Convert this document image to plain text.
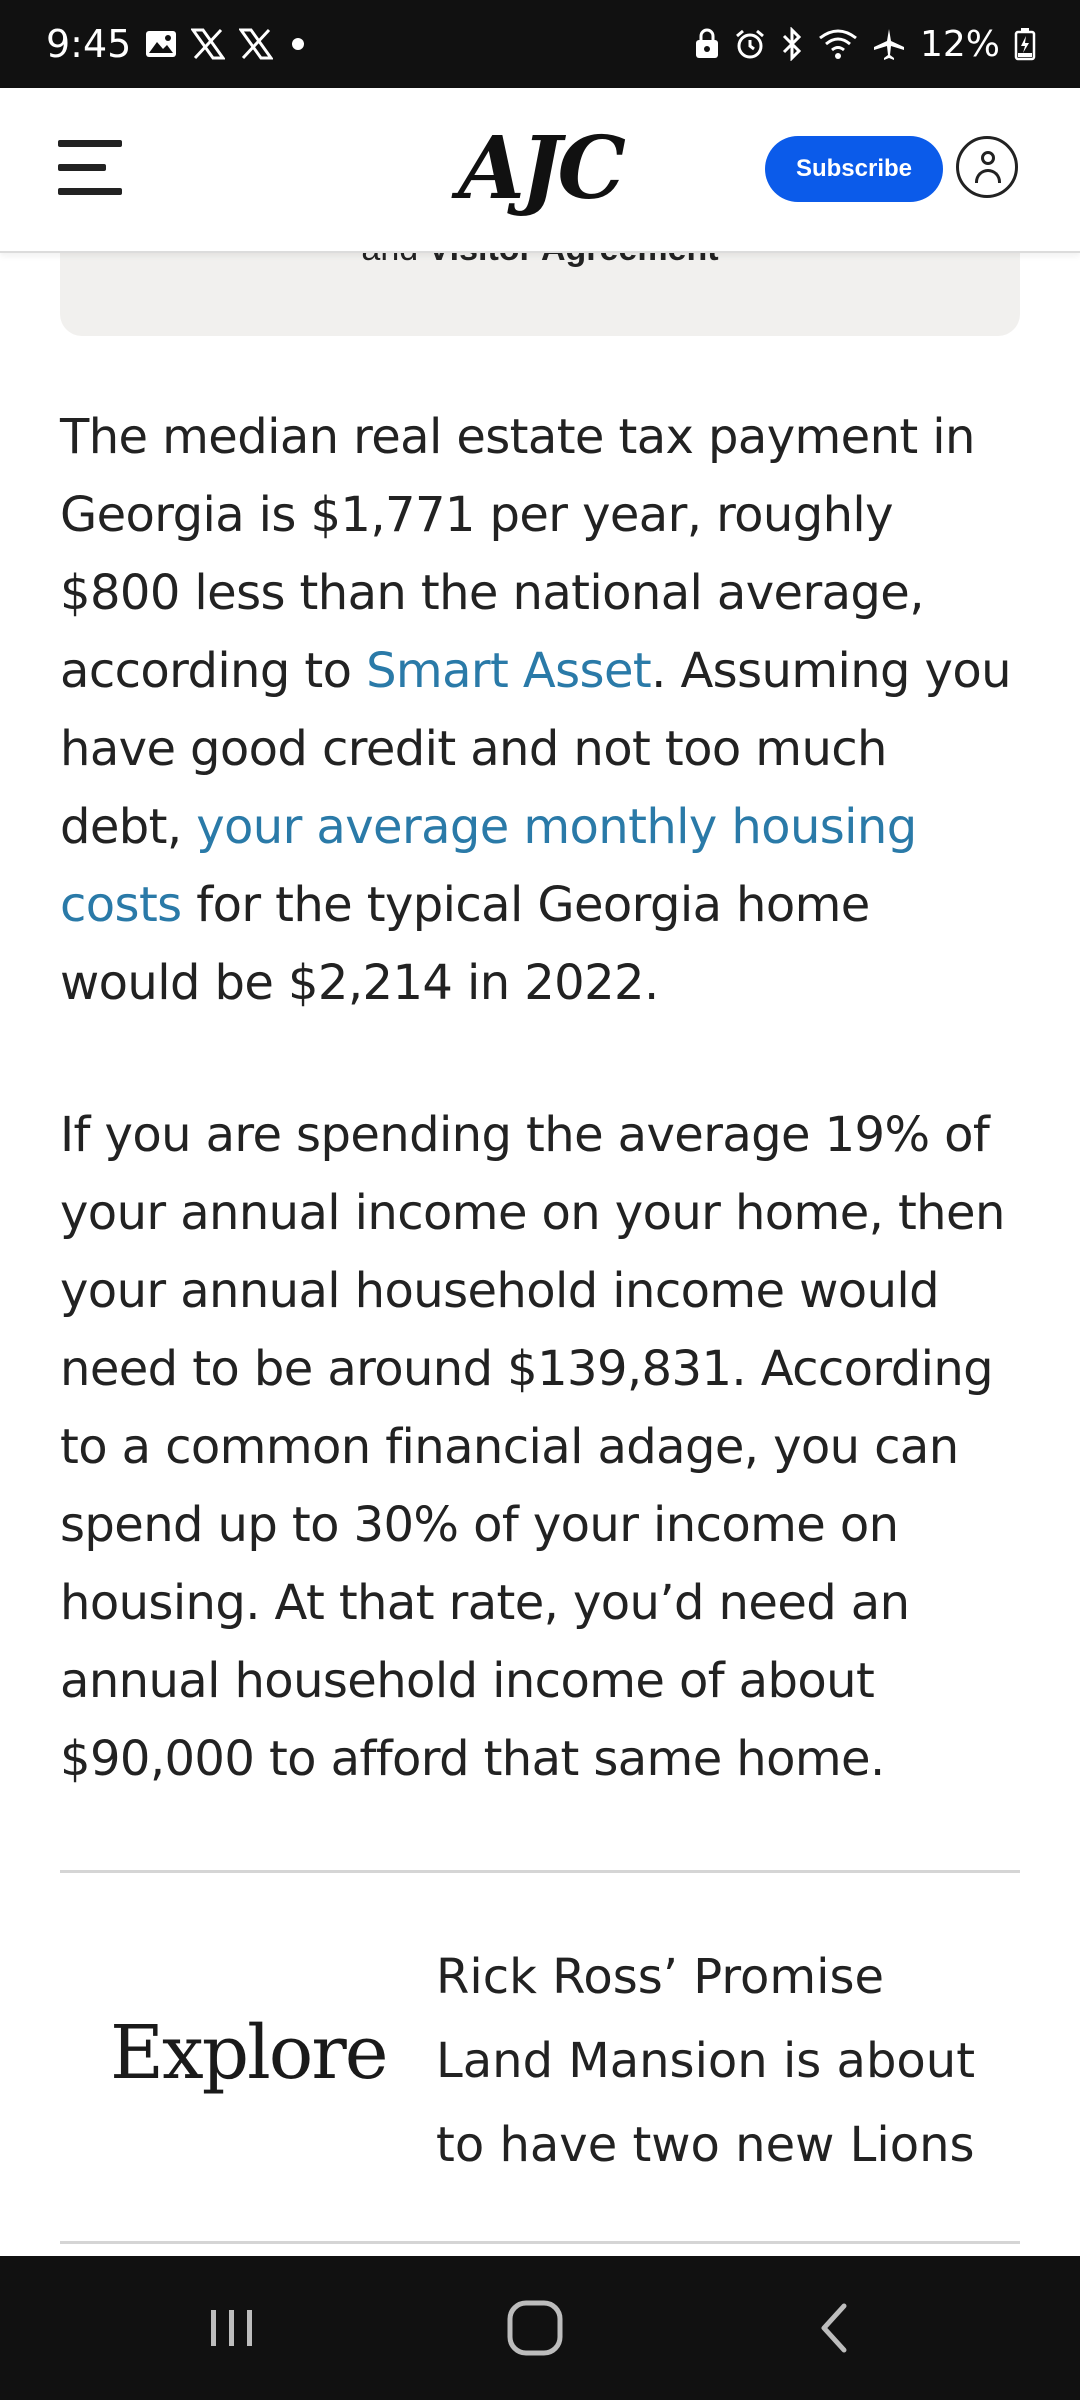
9:45	12%
AJC	Subscribe

The median real estate tax payment in Georgia is $1,771 per year, roughly $800 less than the national average, according to Smart Asset. Assuming you have good credit and not too much debt, your average monthly housing costs for the typical Georgia home would be $2,214 in 2022.

If you are spending the average 19% of your annual income on your home, then your annual household income would need to be around $139,831. According to a common financial adage, you can spend up to 30% of your income on housing. At that rate, you’d need an annual household income of about $90,000 to afford that same home.

Explore
Rick Ross’ Promise Land Mansion is about to have two new Lions
